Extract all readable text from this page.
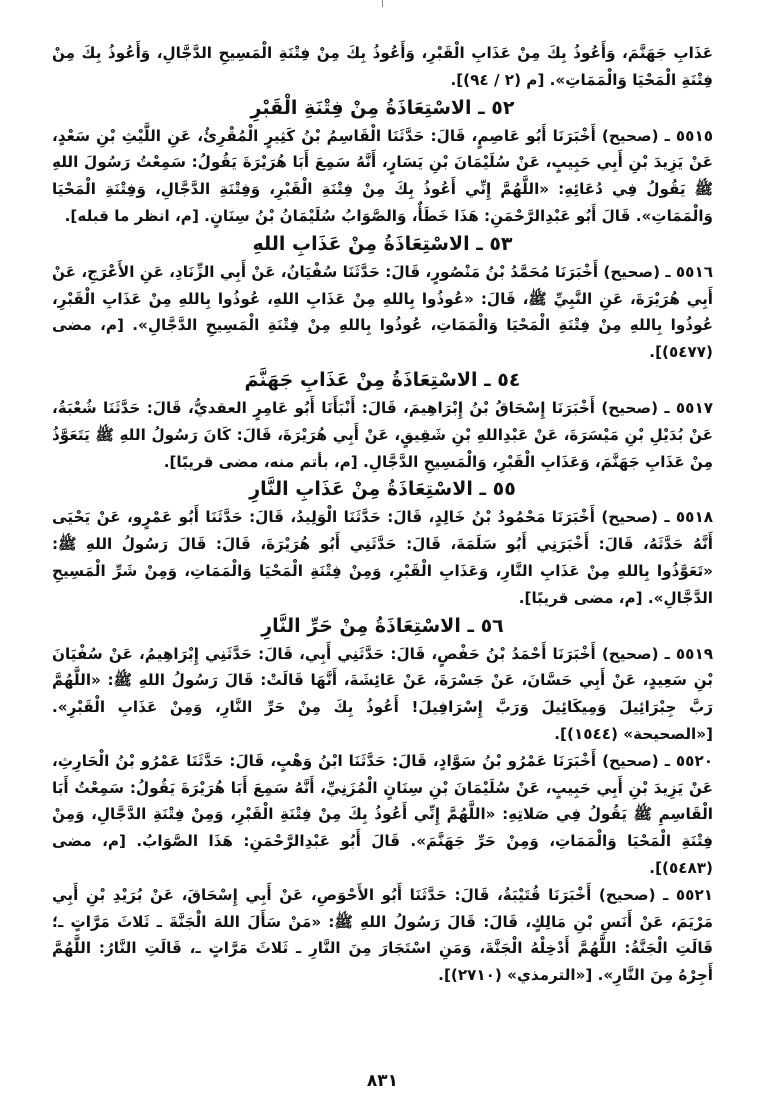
عَذَابِ جَهَنَّمَ، وَأَعُوذُ بِكَ مِنْ عَذَابِ الْقَبْرِ، وَأَعُوذُ بِكَ مِنْ فِتْنَةِ الْمَسِيحِ الدَّجَّالِ، وَأَعُوذُ بِكَ مِنْ فِتْنَةِ الْمَحْيَا وَالْمَمَاتِ». [م (٢ / ٩٤)].

٥٢ ـ الاسْتِعَاذَةُ مِنْ فِتْنَةِ الْقَبْرِ

٥٥١٥ ـ (صحيح) أَخْبَرَنَا أَبُو عَاصِمٍ، قَالَ: حَدَّثَنَا الْقَاسِمُ بْنُ كَثِيرٍ الْمُقْرِئُ، عَنِ اللَّيْثِ بْنِ سَعْدٍ، عَنْ يَزِيدَ بْنِ أَبِي حَبِيبٍ، عَنْ سُلَيْمَانَ بْنِ يَسَارٍ، أَنَّهُ سَمِعَ أَبَا هُرَيْرَةَ يَقُولُ: سَمِعْتُ رَسُولَ اللهِ ﷺ يَقُولُ فِي دُعَائِهِ: «اللَّهُمَّ إِنِّي أَعُوذُ بِكَ مِنْ فِتْنَةِ الْقَبْرِ، وَفِتْنَةِ الدَّجَّالِ، وَفِتْنَةِ الْمَحْيَا وَالْمَمَاتِ». قَالَ أَبُو عَبْدِالرَّحْمَنِ: هَذَا خَطَأٌ، وَالصَّوَابُ سُلَيْمَانُ بْنُ سِنَانٍ. [م، انظر ما قبله].

٥٣ ـ الاسْتِعَاذَةُ مِنْ عَذَابِ اللهِ

٥٥١٦ ـ (صحيح) أَخْبَرَنَا مُحَمَّدُ بْنُ مَنْصُورٍ، قَالَ: حَدَّثَنَا سُفْيَانُ، عَنْ أَبِي الزِّنَادِ، عَنِ الأَعْرَجِ، عَنْ أَبِي هُرَيْرَةَ، عَنِ النَّبِيِّ ﷺ، قَالَ: «عُوذُوا بِاللهِ مِنْ عَذَابِ اللهِ، عُوذُوا بِاللهِ مِنْ عَذَابِ الْقَبْرِ، عُوذُوا بِاللهِ مِنْ فِتْنَةِ الْمَحْيَا وَالْمَمَاتِ، عُوذُوا بِاللهِ مِنْ فِتْنَةِ الْمَسِيحِ الدَّجَّالِ». [م، مضى (٥٤٧٧)].

٥٤ ـ الاسْتِعَاذَةُ مِنْ عَذَابِ جَهَنَّمَ

٥٥١٧ ـ (صحيح) أَخْبَرَنَا إِسْحَاقُ بْنُ إِبْرَاهِيمَ، قَالَ: أَنْبَأَنَا أَبُو عَامِرٍ العقديُّ، قَالَ: حَدَّثَنَا شُعْبَةُ، عَنْ بُدَيْلِ بْنِ مَيْسَرَةَ، عَنْ عَبْدِاللهِ بْنِ شَقِيقٍ، عَنْ أَبِي هُرَيْرَةَ، قَالَ: كَانَ رَسُولُ اللهِ ﷺ يَتَعَوَّذُ مِنْ عَذَابِ جَهَنَّمَ، وَعَذَابِ الْقَبْرِ، وَالْمَسِيحِ الدَّجَّالِ. [م، بأتم منه، مضى قريبًا].

٥٥ ـ الاسْتِعَاذَةُ مِنْ عَذَابِ النَّارِ

٥٥١٨ ـ (صحيح) أَخْبَرَنَا مَحْمُودُ بْنُ خَالِدٍ، قَالَ: حَدَّثَنَا الْوَلِيدُ، قَالَ: حَدَّثَنَا أَبُو عَمْرٍو، عَنْ يَحْيَى أَنَّهُ حَدَّثَهُ، قَالَ: أَخْبَرَنِي أَبُو سَلَمَةَ، قَالَ: حَدَّثَنِي أَبُو هُرَيْرَةَ، قَالَ: قَالَ رَسُولُ اللهِ ﷺ: «تَعَوَّذُوا بِاللهِ مِنْ عَذَابِ النَّارِ، وَعَذَابِ الْقَبْرِ، وَمِنْ فِتْنَةِ الْمَحْيَا وَالْمَمَاتِ، وَمِنْ شَرِّ الْمَسِيحِ الدَّجَّالِ». [م، مضى قريبًا].

٥٦ ـ الاسْتِعَاذَةُ مِنْ حَرِّ النَّارِ

٥٥١٩ ـ (صحيح) أَخْبَرَنَا أَحْمَدُ بْنُ حَفْصٍ، قَالَ: حَدَّثَنِي أَبِي، قَالَ: حَدَّثَنِي إِبْرَاهِيمُ، عَنْ سُفْيَانَ بْنِ سَعِيدٍ، عَنْ أَبِي حَسَّانَ، عَنْ جَسْرَةَ، عَنْ عَائِشَةَ، أَنَّهَا قَالَتْ: قَالَ رَسُولُ اللهِ ﷺ: «اللَّهُمَّ رَبَّ جِبْرَائِيلَ وَمِيكَائِيلَ وَرَبَّ إِسْرَافِيلَ! أَعُوذُ بِكَ مِنْ حَرِّ النَّارِ، وَمِنْ عَذَابِ الْقَبْرِ». [«الصحيحة» (١٥٤٤)].

٥٥٢٠ ـ (صحيح) أَخْبَرَنَا عَمْرُو بْنُ سَوَّادٍ، قَالَ: حَدَّثَنَا ابْنُ وَهْبٍ، قَالَ: حَدَّثَنَا عَمْرُو بْنُ الْحَارِثِ، عَنْ يَزِيدَ بْنِ أَبِي حَبِيبٍ، عَنْ سُلَيْمَانَ بْنِ سِنَانٍ الْمُزَنِيِّ، أَنَّهُ سَمِعَ أَبَا هُرَيْرَةَ يَقُولُ: سَمِعْتُ أَبَا الْقَاسِمِ ﷺ يَقُولُ فِي صَلاتِهِ: «اللَّهُمَّ إِنِّي أَعُوذُ بِكَ مِنْ فِتْنَةِ الْقَبْرِ، وَمِنْ فِتْنَةِ الدَّجَّالِ، وَمِنْ فِتْنَةِ الْمَحْيَا وَالْمَمَاتِ، وَمِنْ حَرِّ جَهَنَّمَ». قَالَ أَبُو عَبْدِالرَّحْمَنِ: هَذَا الصَّوَابُ. [م، مضى (٥٤٨٣)].

٥٥٢١ ـ (صحيح) أَخْبَرَنَا قُتَيْبَةُ، قَالَ: حَدَّثَنَا أَبُو الأَحْوَصِ، عَنْ أَبِي إِسْحَاقَ، عَنْ بُرَيْدِ بْنِ أَبِي مَرْيَمَ، عَنْ أَنَسِ بْنِ مَالِكٍ، قَالَ: قَالَ رَسُولُ اللهِ ﷺ: «مَنْ سَأَلَ اللهَ الْجَنَّةَ ـ ثَلاثَ مَرَّاتٍ ـ؛ قَالَتِ الْجَنَّةُ: اللَّهُمَّ أَدْخِلْهُ الْجَنَّةَ، وَمَنِ اسْتَجَارَ مِنَ النَّارِ ـ ثَلاثَ مَرَّاتٍ ـ، قَالَتِ النَّارُ: اللَّهُمَّ أَجِرْهُ مِنَ النَّارِ». [«الترمذي» (٢٧١٠)].

٨٣١
